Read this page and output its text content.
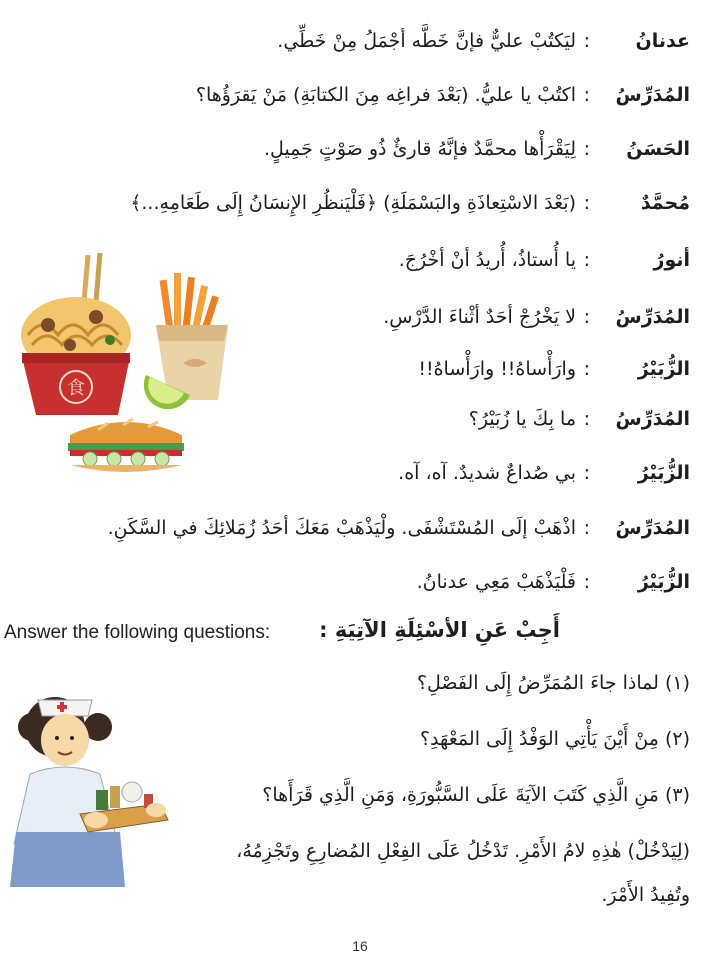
عدنانُ
:
ليَكتُبْ عليٌّ فإنَّ خَطَّه أجْمَلُ مِنْ خَطِّي.
المُدَرِّسُ
:
اكتُبْ يا عليُّ. (بَعْدَ فراغِه مِنَ الكتابَةِ) مَنْ يَقرَؤُها؟
الحَسَنُ
:
لِيَقْرَأْها محمَّدٌ فإنَّهُ قارئٌ ذُو صَوْتٍ جَمِيلٍ.
مُحمَّدٌ
:
(بَعْدَ الاسْتِعاذَةِ والبَسْمَلَةِ) ﴿فَلْيَنظُرِ الإِنسَانُ إِلَى طَعَامِهِ...﴾
أنورُ
:
يا أُستاذُ، أُريدُ أنْ أخْرُجَ.
المُدَرِّسُ
:
لا يَخْرُجْ أحَدٌ أثْناءَ الدَّرْسِ.
الزُّبَيْرُ
:
وارَأْساهُ!! وارَأْساهُ!!
المُدَرِّسُ
:
ما بِكَ يا زُبَيْرُ؟
الزُّبَيْرُ
:
بي صُداعٌ شديدٌ. آه، آه.
المُدَرِّسُ
:
اذْهَبْ إلَى المُسْتَشْفَى. ولْيَذْهَبْ مَعَكَ أحَدُ زُمَلائِكَ في السَّكَنِ.
الزُّبَيْرُ
:
فَلْيَذْهَبْ مَعِي عدنانُ.
Answer the following questions: أَجِبْ عَنِ الأسْئِلَةِ الآتِيَةِ :
(١) لماذا جاءَ المُمَرِّضُ إِلَى الفَصْلِ؟
(٢) مِنْ أَيْنَ يَأْتِي الوَفْدُ إِلَى المَعْهَدِ؟
(٣) مَنِ الَّذِي كَتَبَ الآيَةَ عَلَى السَّبُّورَةِ، وَمَنِ الَّذِي قَرَأَها؟
(لِيَدْخُلْ) هٰذِهِ لامُ الأَمْرِ. تَدْخُلُ عَلَى الفِعْلِ المُضارِعِ وتَجْزِمُهُ،
وتُفِيدُ الأَمْرَ.
食
16
